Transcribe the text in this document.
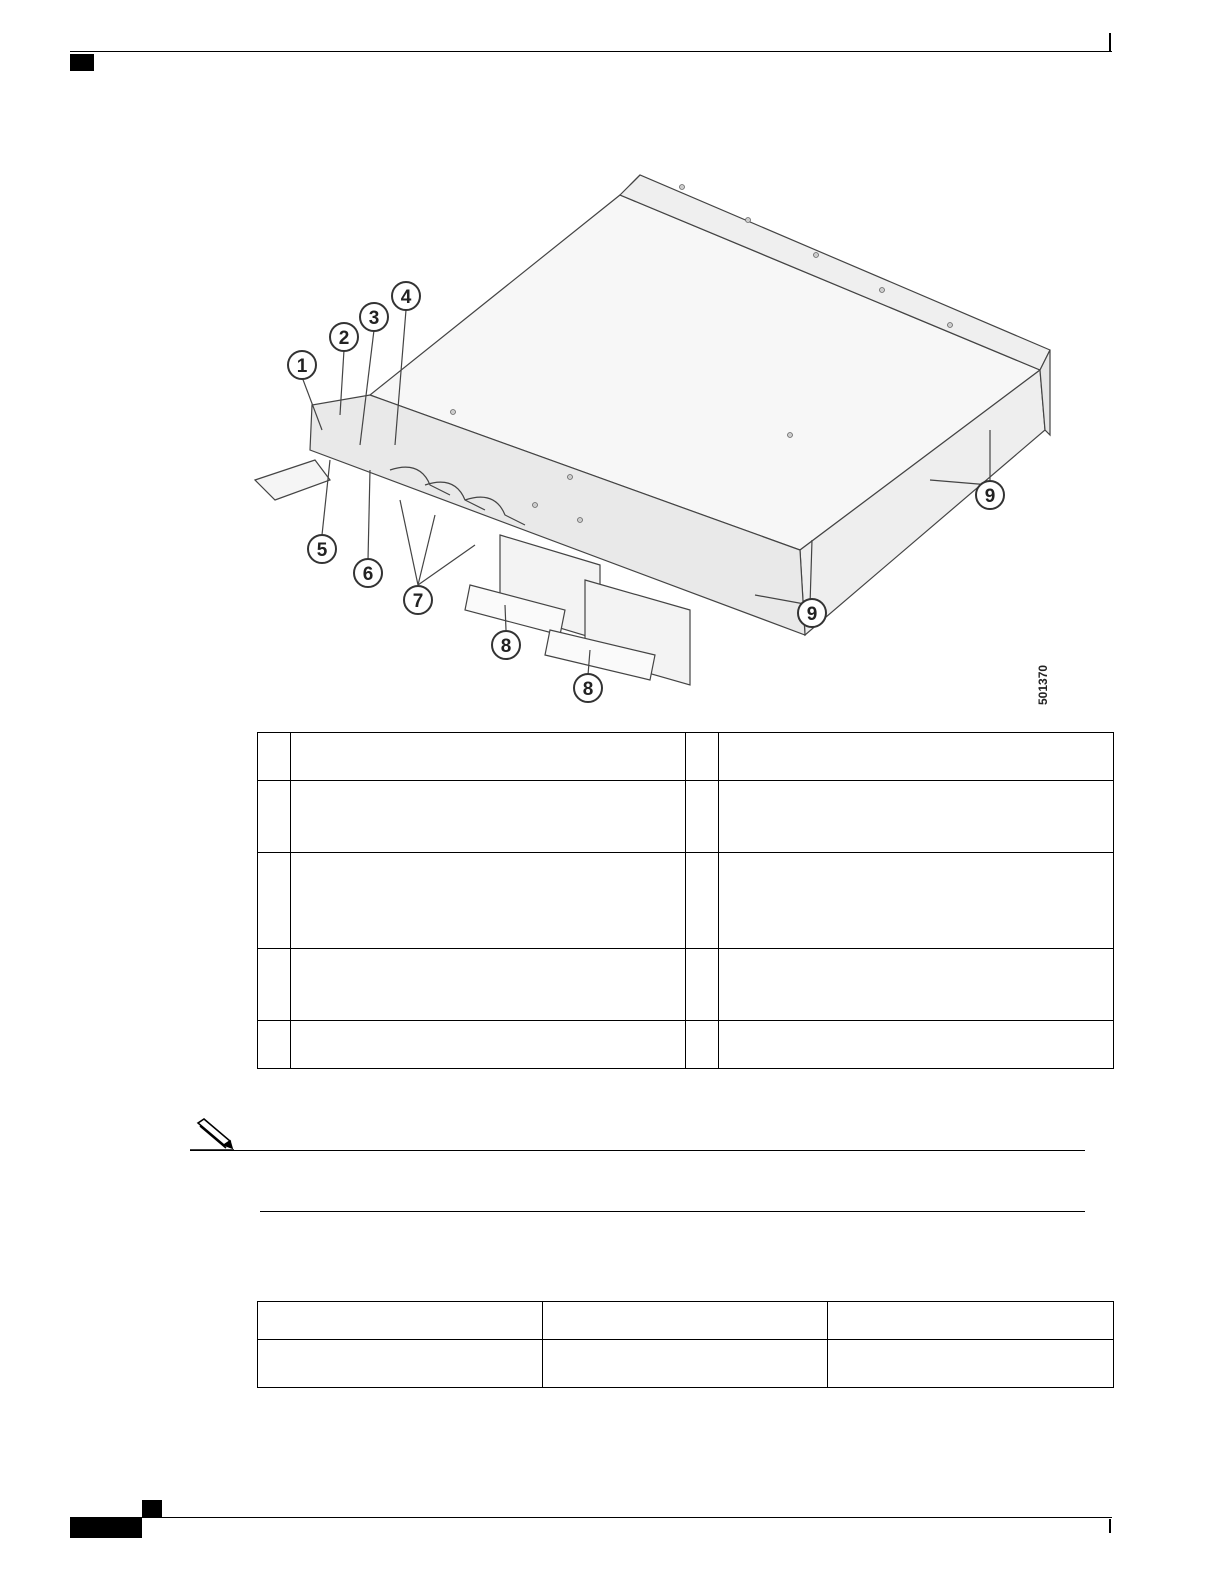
1
2
3
4
5
6
7
8
8
9
9
501370
